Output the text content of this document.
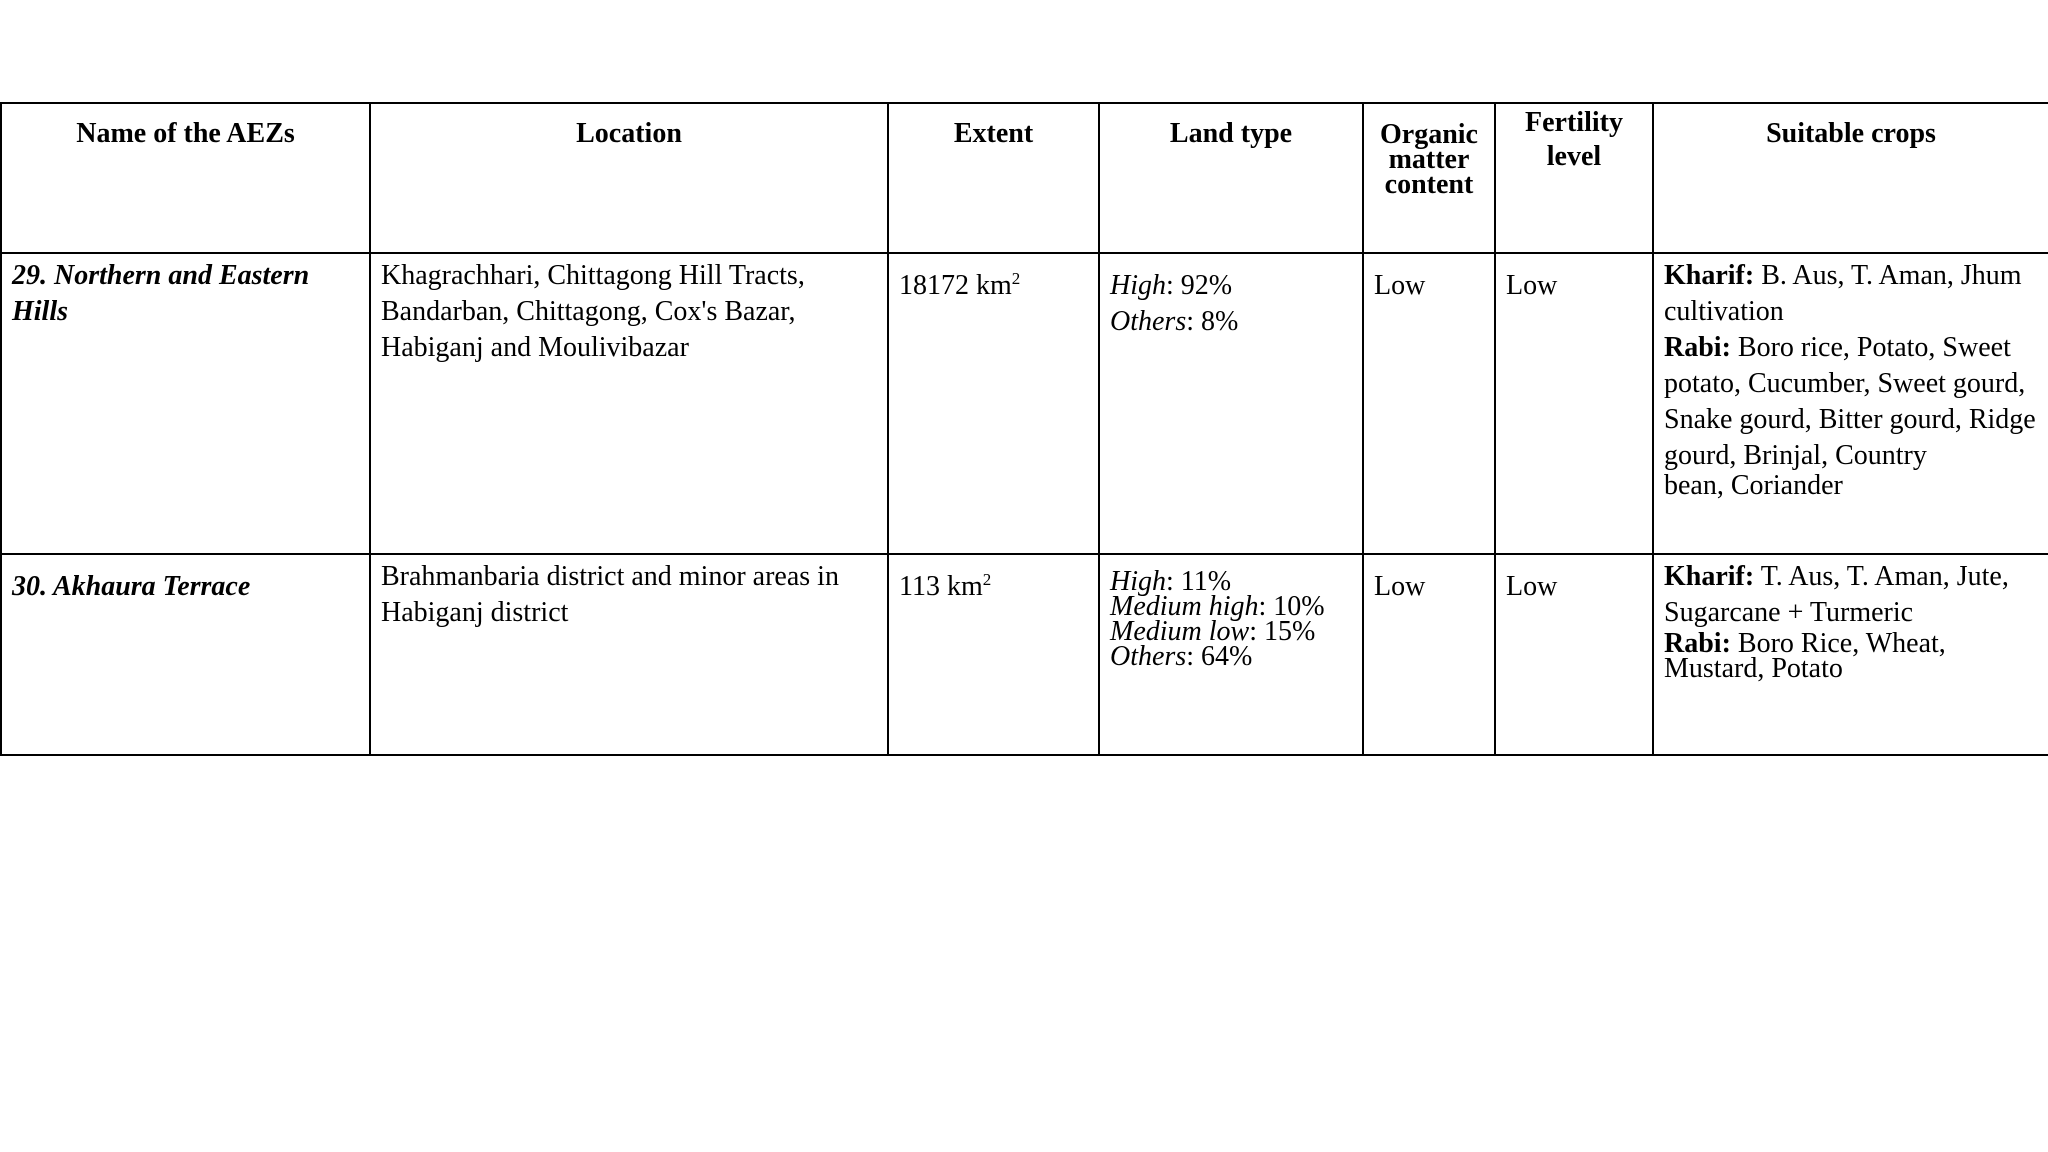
Name of the AEZs	Location	Extent	Land type	Organic
matter
content	Fertility
level	Suitable crops
29. Northern and Eastern Hills	Khagrachhari, Chittagong Hill Tracts, Bandarban, Chittagong, Cox's Bazar, Habiganj and Moulivibazar	18172 $km^2$	High: 92%
Others: 8%	Low	Low	Kharif: B. Aus, T. Aman, Jhum cultivation
Rabi: Boro rice, Potato, Sweet potato, Cucumber, Sweet gourd, Snake gourd, Bitter gourd, Ridge gourd, Brinjal, Country
bean, Coriander

30. Akhaura Terrace	Brahmanbaria district and minor areas in Habiganj district	113 $km^2$	High: 11%
Medium high: 10%
Medium low: 15%
Others: 64%	Low	Low	Kharif: T. Aus, T. Aman, Jute, Sugarcane + Turmeric
Rabi: Boro Rice, Wheat, Mustard, Potato
